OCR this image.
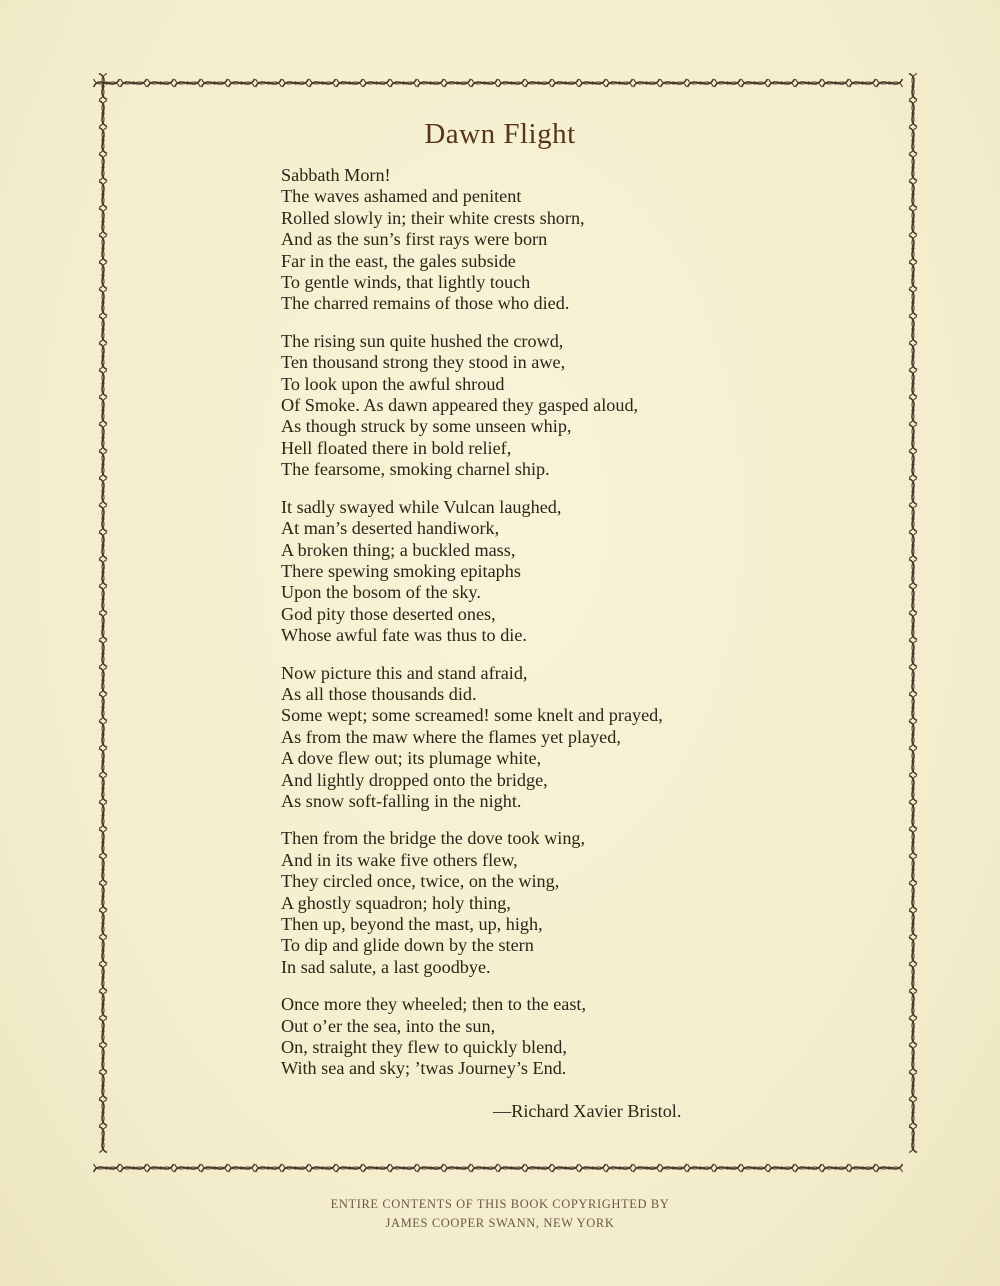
Dawn Flight
Sabbath Morn!
The waves ashamed and penitent
Rolled slowly in; their white crests shorn,
And as the sun’s first rays were born
Far in the east, the gales subside
To gentle winds, that lightly touch
The charred remains of those who died.
The rising sun quite hushed the crowd,
Ten thousand strong they stood in awe,
To look upon the awful shroud
Of Smoke. As dawn appeared they gasped aloud,
As though struck by some unseen whip,
Hell floated there in bold relief,
The fearsome, smoking charnel ship.
It sadly swayed while Vulcan laughed,
At man’s deserted handiwork,
A broken thing; a buckled mass,
There spewing smoking epitaphs
Upon the bosom of the sky.
God pity those deserted ones,
Whose awful fate was thus to die.
Now picture this and stand afraid,
As all those thousands did.
Some wept; some screamed! some knelt and prayed,
As from the maw where the flames yet played,
A dove flew out; its plumage white,
And lightly dropped onto the bridge,
As snow soft-falling in the night.
Then from the bridge the dove took wing,
And in its wake five others flew,
They circled once, twice, on the wing,
A ghostly squadron; holy thing,
Then up, beyond the mast, up, high,
To dip and glide down by the stern
In sad salute, a last goodbye.
Once more they wheeled; then to the east,
Out o’er the sea, into the sun,
On, straight they flew to quickly blend,
With sea and sky; ’twas Journey’s End.
—Richard Xavier Bristol.
ENTIRE CONTENTS OF THIS BOOK COPYRIGHTED BY
JAMES COOPER SWANN, NEW YORK
